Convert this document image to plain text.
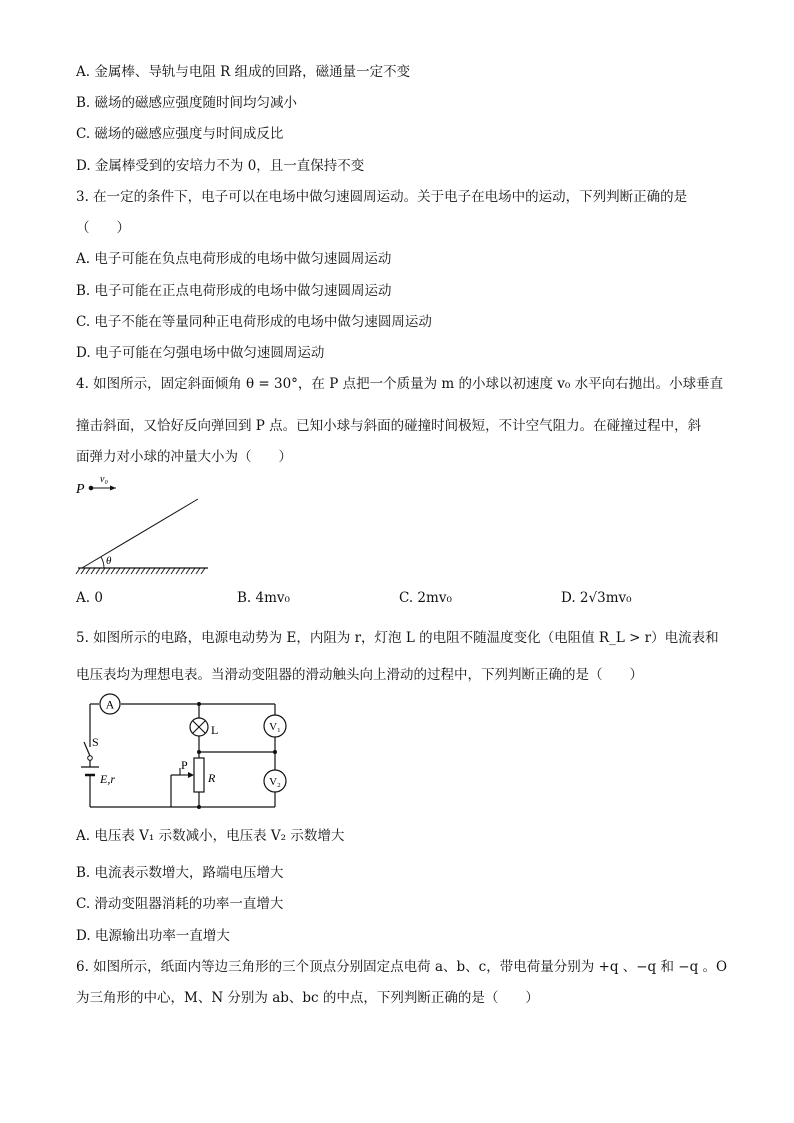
A. 金属棒、导轨与电阻 R 组成的回路，磁通量一定不变
B. 磁场的磁感应强度随时间均匀减小
C. 磁场的磁感应强度与时间成反比
D. 金属棒受到的安培力不为 0，且一直保持不变
3. 在一定的条件下，电子可以在电场中做匀速圆周运动。关于电子在电场中的运动，下列判断正确的是
（　　）
A. 电子可能在负点电荷形成的电场中做匀速圆周运动
B. 电子可能在正点电荷形成的电场中做匀速圆周运动
C. 电子不能在等量同种正电荷形成的电场中做匀速圆周运动
D. 电子可能在匀强电场中做匀速圆周运动
4. 如图所示，固定斜面倾角 θ = 30°，在 P 点把一个质量为 m 的小球以初速度 v₀ 水平向右抛出。小球垂直
撞击斜面，又恰好反向弹回到 P 点。已知小球与斜面的碰撞时间极短，不计空气阻力。在碰撞过程中，斜
面弹力对小球的冲量大小为（　　）
P
v₀
θ
A. 0	B. 4mv₀	C. 2mv₀	D. 2√3mv₀
5. 如图所示的电路，电源电动势为 E，内阻为 r，灯泡 L 的电阻不随温度变化（电阻值 R_L > r）电流表和
电压表均为理想电表。当滑动变阻器的滑动触头向上滑动的过程中，下列判断正确的是（　　）
A
S
E,r
L	V₁
V₂
R
P
A. 电压表 V₁ 示数减小，电压表 V₂ 示数增大
B. 电流表示数增大，路端电压增大
C. 滑动变阻器消耗的功率一直增大
D. 电源输出功率一直增大
6. 如图所示，纸面内等边三角形的三个顶点分别固定点电荷 a、b、c，带电荷量分别为 +q 、−q 和 −q 。O
为三角形的中心，M、N 分别为 ab、bc 的中点，下列判断正确的是（　　）
